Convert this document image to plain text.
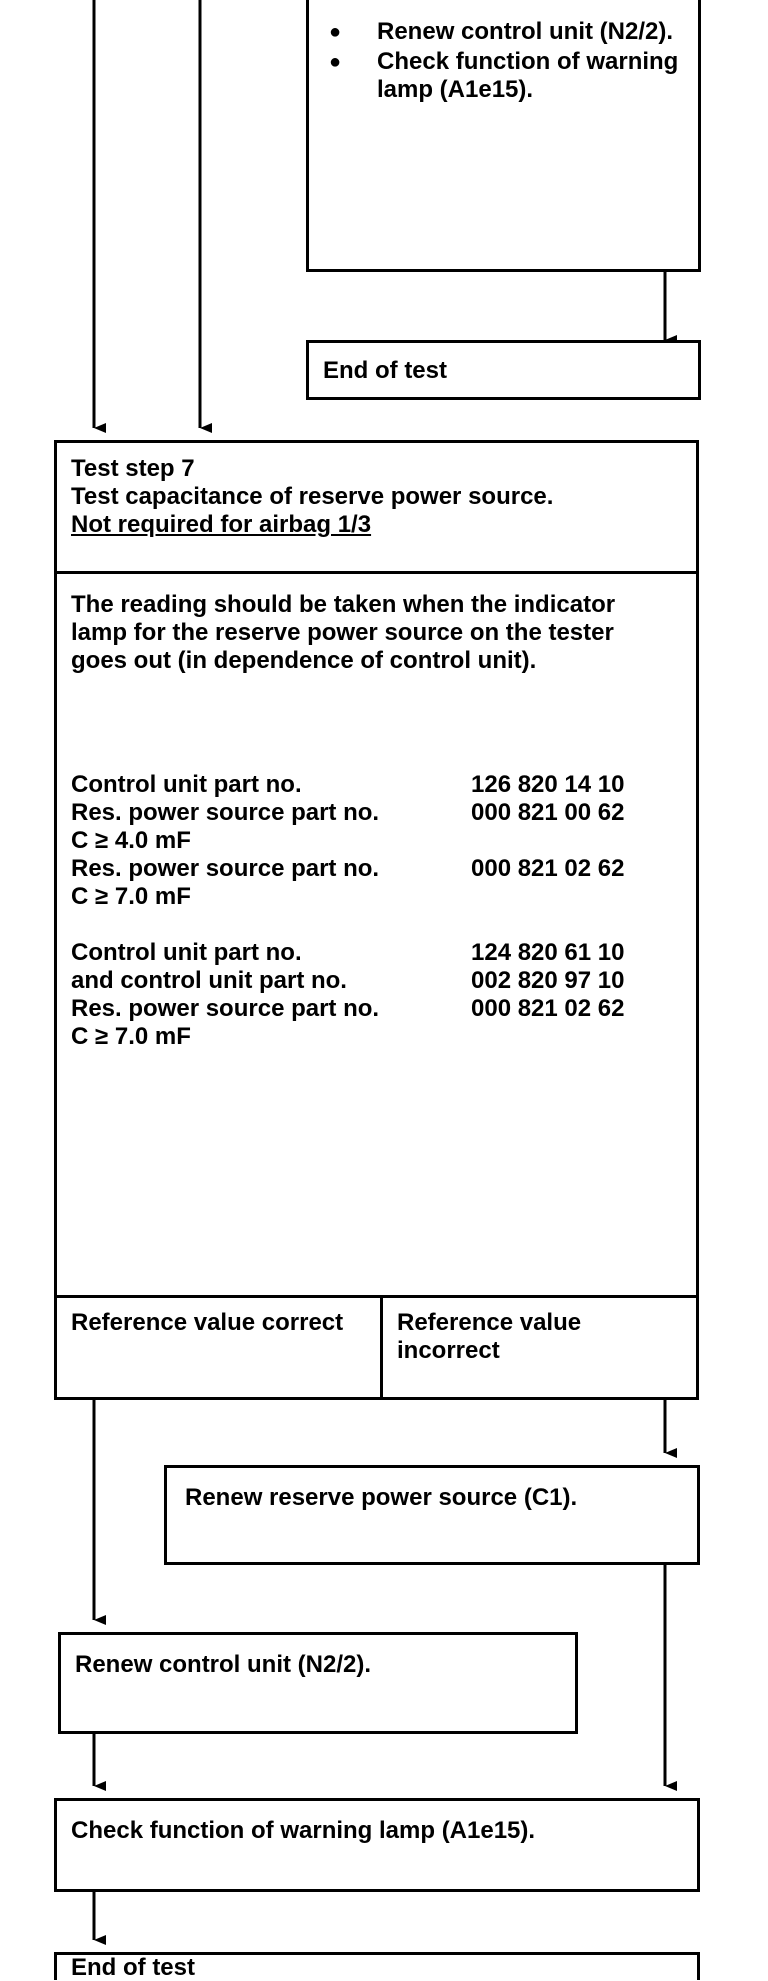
● Renew control unit (N2/2).
● Check function of warning lamp (A1e15).
End of test
Test step 7
Test capacitance of reserve power source.
Not required for airbag 1/3
The reading should be taken when the indicator lamp for the reserve power source on the tester goes out (in dependence of control unit).
Control unit part no.	126 820 14 10
Res. power source part no.	000 821 00 62
C ≥ 4.0 mF
Res. power source part no.	000 821 02 62
C ≥ 7.0 mF
Control unit part no.	124 820 61 10
and control unit part no.	002 820 97 10
Res. power source part no.	000 821 02 62
C ≥ 7.0 mF
Reference value correct	Reference value incorrect
Renew reserve power source (C1).
Renew control unit (N2/2).
Check function of warning lamp (A1e15).
End of test
